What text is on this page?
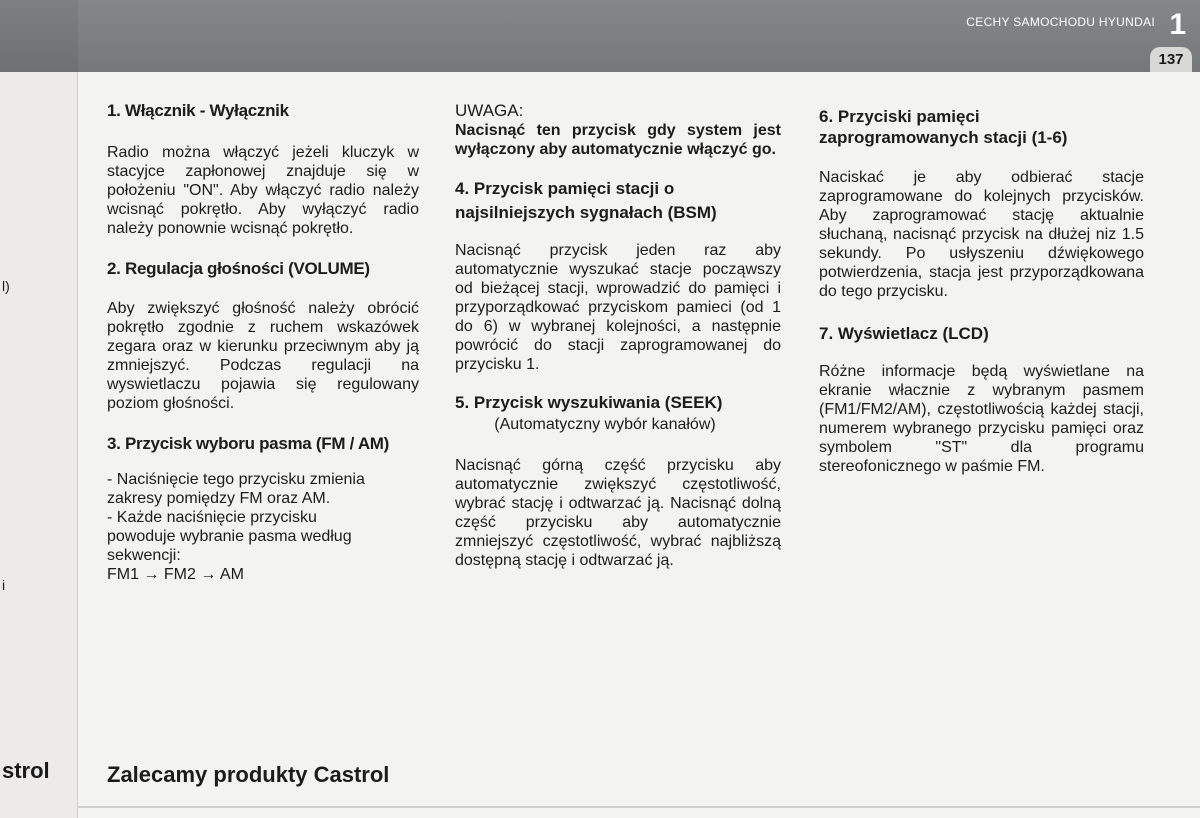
l)
i
strol
CECHY SAMOCHODU HYUNDAI 1
137
1. Włącznik - Wyłącznik
Radio można włączyć jeżeli kluczyk w stacyjce zapłonowej znajduje się w położeniu "ON". Aby włączyć radio należy wcisnąć pokrętło. Aby wyłączyć radio należy ponownie wcisnąć pokrętło.
2. Regulacja głośności (VOLUME)
Aby zwiększyć głośność należy obrócić pokrętło zgodnie z ruchem wskazówek zegara oraz w kierunku przeciwnym aby ją zmniejszyć. Podczas regulacji na wyswietlaczu pojawia się regulowany poziom głośności.
3. Przycisk wyboru pasma (FM / AM)
- Naciśnięcie tego przycisku zmienia
zakresy pomiędzy FM oraz AM.
- Każde naciśnięcie przycisku
powoduje wybranie pasma według
sekwencji:
FM1 → FM2 → AM
UWAGA:
Nacisnąć ten przycisk gdy system jest wyłączony aby automatycznie włączyć go.
4. Przycisk pamięci stacji o najsilniejszych sygnałach (BSM)
Nacisnąć przycisk jeden raz aby automatycznie wyszukać stacje począwszy od bieżącej stacji, wprowadzić do pamięci i przyporządkować przyciskom pamieci (od 1 do 6) w wybranej kolejności, a następnie powrócić do stacji zaprogramowanej do przycisku 1.
5. Przycisk wyszukiwania (SEEK)
(Automatyczny wybór kanałów)
Nacisnąć górną część przycisku aby automatycznie zwiększyć częstotliwość, wybrać stację i odtwarzać ją. Nacisnąć dolną część przycisku aby automatycznie zmniejszyć częstotliwość, wybrać najbliższą dostępną stację i odtwarzać ją.
6. Przyciski pamięci zaprogramowanych stacji (1-6)
Naciskać je aby odbierać stacje zaprogramowane do kolejnych przycisków. Aby zaprogramować stację aktualnie słuchaną, nacisnąć przycisk na dłużej niz 1.5 sekundy. Po usłyszeniu dźwiękowego potwierdzenia, stacja jest przyporządkowana do tego przycisku.
7. Wyświetlacz (LCD)
Różne informacje będą wyświetlane na ekranie włacznie z wybranym pasmem (FM1/FM2/AM), częstotliwością każdej stacji, numerem wybranego przycisku pamięci oraz symbolem "ST" dla programu stereofonicznego w paśmie FM.
Zalecamy produkty Castrol
